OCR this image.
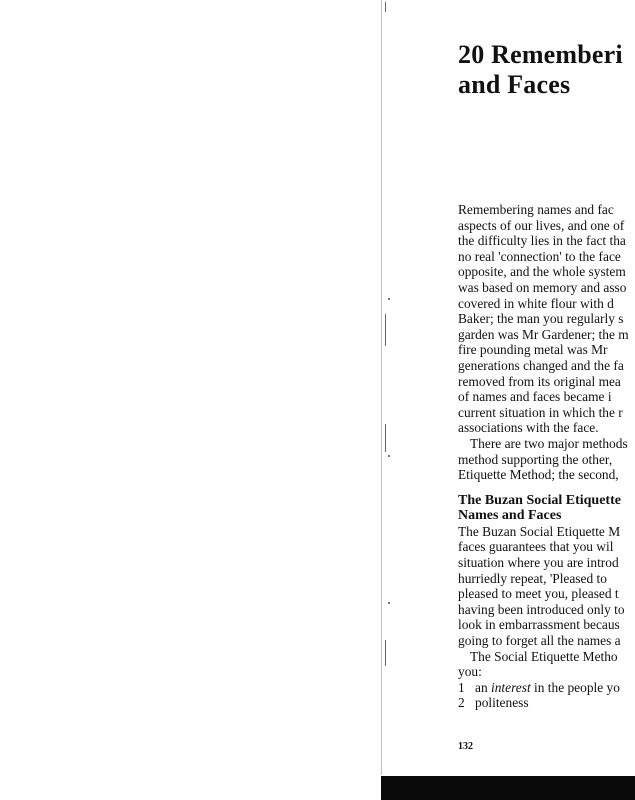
20 Rememberi
and Faces
Remembering names and fac
aspects of our lives, and one of
the difficulty lies in the fact tha
no real 'connection' to the face
opposite, and the whole system
was based on memory and asso
covered in white flour with d
Baker; the man you regularly s
garden was Mr Gardener; the m
fire pounding metal was Mr
generations changed and the fa
removed from its original mea
of names and faces became i
current situation in which the r
associations with the face.
There are two major methods
method supporting the other,
Etiquette Method; the second,
The Buzan Social Etiquette
Names and Faces
The Buzan Social Etiquette M
faces guarantees that you wil
situation where you are introd
hurriedly repeat, 'Pleased to
pleased to meet you, pleased t
having been introduced only to
look in embarrassment becaus
going to forget all the names a
The Social Etiquette Metho
you:
1 an interest in the people yo
2 politeness
132
